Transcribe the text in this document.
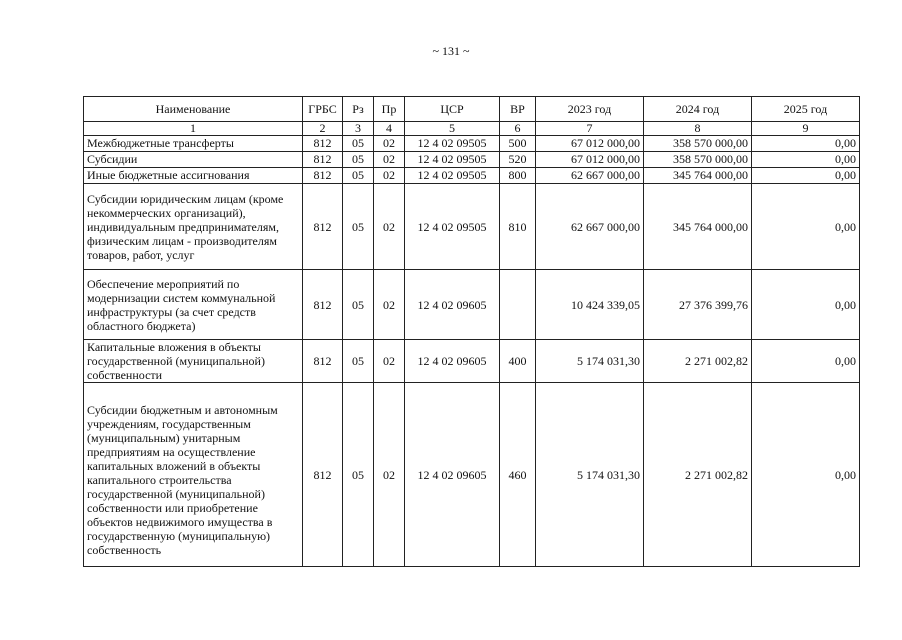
~ 131 ~
Наименование	ГРБС	Рз	Пр	ЦСР	ВР	2023 год	2024 год	2025 год
1	2	3	4	5	6	7	8	9
Межбюджетные трансферты	812	05	02	12 4 02 09505	500	67 012 000,00	358 570 000,00	0,00
Субсидии	812	05	02	12 4 02 09505	520	67 012 000,00	358 570 000,00	0,00
Иные бюджетные ассигнования	812	05	02	12 4 02 09505	800	62 667 000,00	345 764 000,00	0,00
Субсидии юридическим лицам (кроме некоммерческих организаций), индивидуальным предпринимателям, физическим лицам - производителям товаров, работ, услуг	812	05	02	12 4 02 09505	810	62 667 000,00	345 764 000,00	0,00
Обеспечение мероприятий по модернизации систем коммунальной инфраструктуры (за счет средств областного бюджета)	812	05	02	12 4 02 09605		10 424 339,05	27 376 399,76	0,00
Капитальные вложения в объекты государственной (муниципальной) собственности	812	05	02	12 4 02 09605	400	5 174 031,30	2 271 002,82	0,00

Субсидии бюджетным и автономным учреждениям, государственным (муниципальным) унитарным предприятиям на осуществление капитальных вложений в объекты капитального строительства государственной (муниципальной) собственности или приобретение объектов недвижимого имущества в государственную (муниципальную) собственность	812	05	02	12 4 02 09605	460	5 174 031,30	2 271 002,82	0,00
